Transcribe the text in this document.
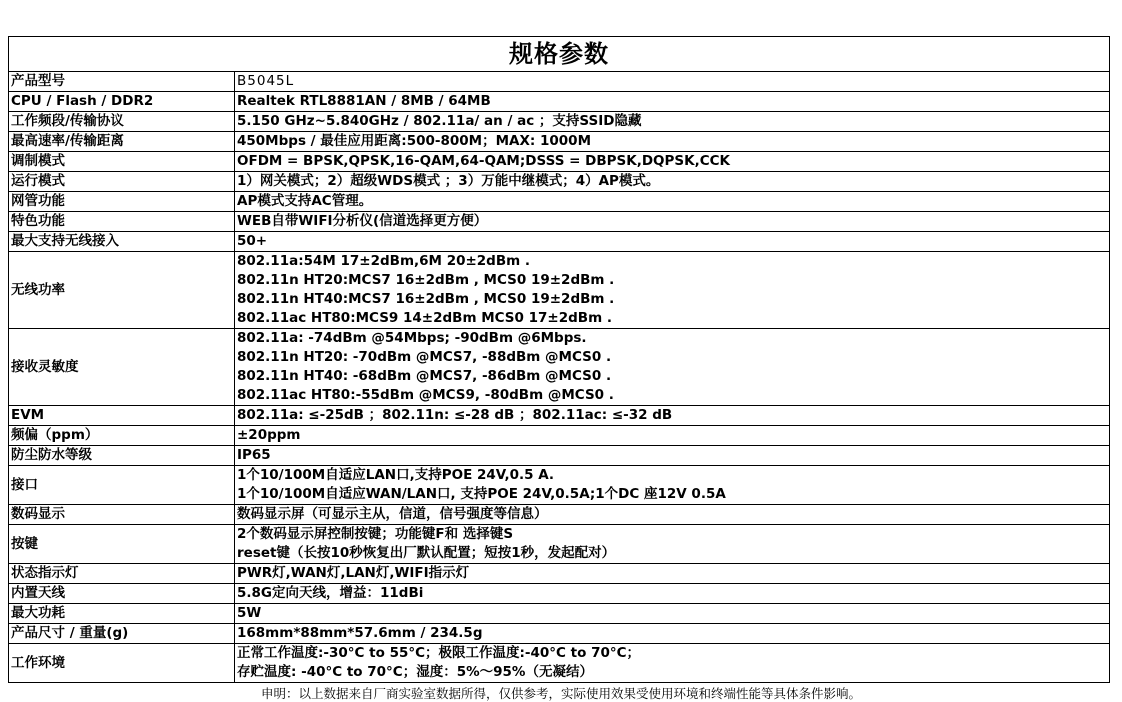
规格参数	
产品型号	B5045L

CPU / Flash / DDR2	Realtek RTL8881AN / 8MB / 64MB

工作频段/传输协议	5.150 GHz~5.840GHz / 802.11a/ an / ac ；支持SSID隐藏

最高速率/传输距离	450Mbps / 最佳应用距离:500-800M；MAX: 1000M

调制模式	OFDM = BPSK,QPSK,16-QAM,64-QAM;DSSS = DBPSK,DQPSK,CCK

运行模式	1）网关模式；2）超级WDS模式 ；3）万能中继模式；4）AP模式。

网管功能	AP模式支持AC管理。

特色功能	WEB自带WIFI分析仪(信道选择更方便）

最大支持无线接入	50+

无线功率	802.11a:54M 17±2dBm,6M 20±2dBm .
802.11n HT20:MCS7 16±2dBm , MCS0 19±2dBm .
802.11n HT40:MCS7 16±2dBm , MCS0 19±2dBm .
802.11ac HT80:MCS9 14±2dBm MCS0 17±2dBm .

接收灵敏度	802.11a: -74dBm @54Mbps; -90dBm @6Mbps.
802.11n HT20: -70dBm @MCS7, -88dBm @MCS0 .
802.11n HT40: -68dBm @MCS7, -86dBm @MCS0 .
802.11ac HT80:-55dBm @MCS9, -80dBm @MCS0 .

EVM	802.11a: ≤-25dB ；802.11n: ≤-28 dB ；802.11ac: ≤-32 dB

频偏（ppm）	±20ppm

防尘防水等级	IP65

接口	1个10/100M自适应LAN口,支持POE 24V,0.5 A.
1个10/100M自适应WAN/LAN口, 支持POE 24V,0.5A;1个DC 座12V 0.5A

数码显示	数码显示屏（可显示主从，信道，信号强度等信息）

按键	2个数码显示屏控制按键；功能键F和 选择键S
reset键（长按10秒恢复出厂默认配置；短按1秒，发起配对）

状态指示灯	PWR灯,WAN灯,LAN灯,WIFI指示灯

内置天线	5.8G定向天线，增益：11dBi

最大功耗	5W

产品尺寸 / 重量(g)	168mm*88mm*57.6mm / 234.5g

工作环境	正常工作温度:-30°C to 55°C；极限工作温度:-40°C to 70°C；
存贮温度: -40°C to 70°C；湿度：5%～95%（无凝结）
申明：以上数据来自厂商实验室数据所得，仅供参考，实际使用效果受使用环境和终端性能等具体条件影响。
